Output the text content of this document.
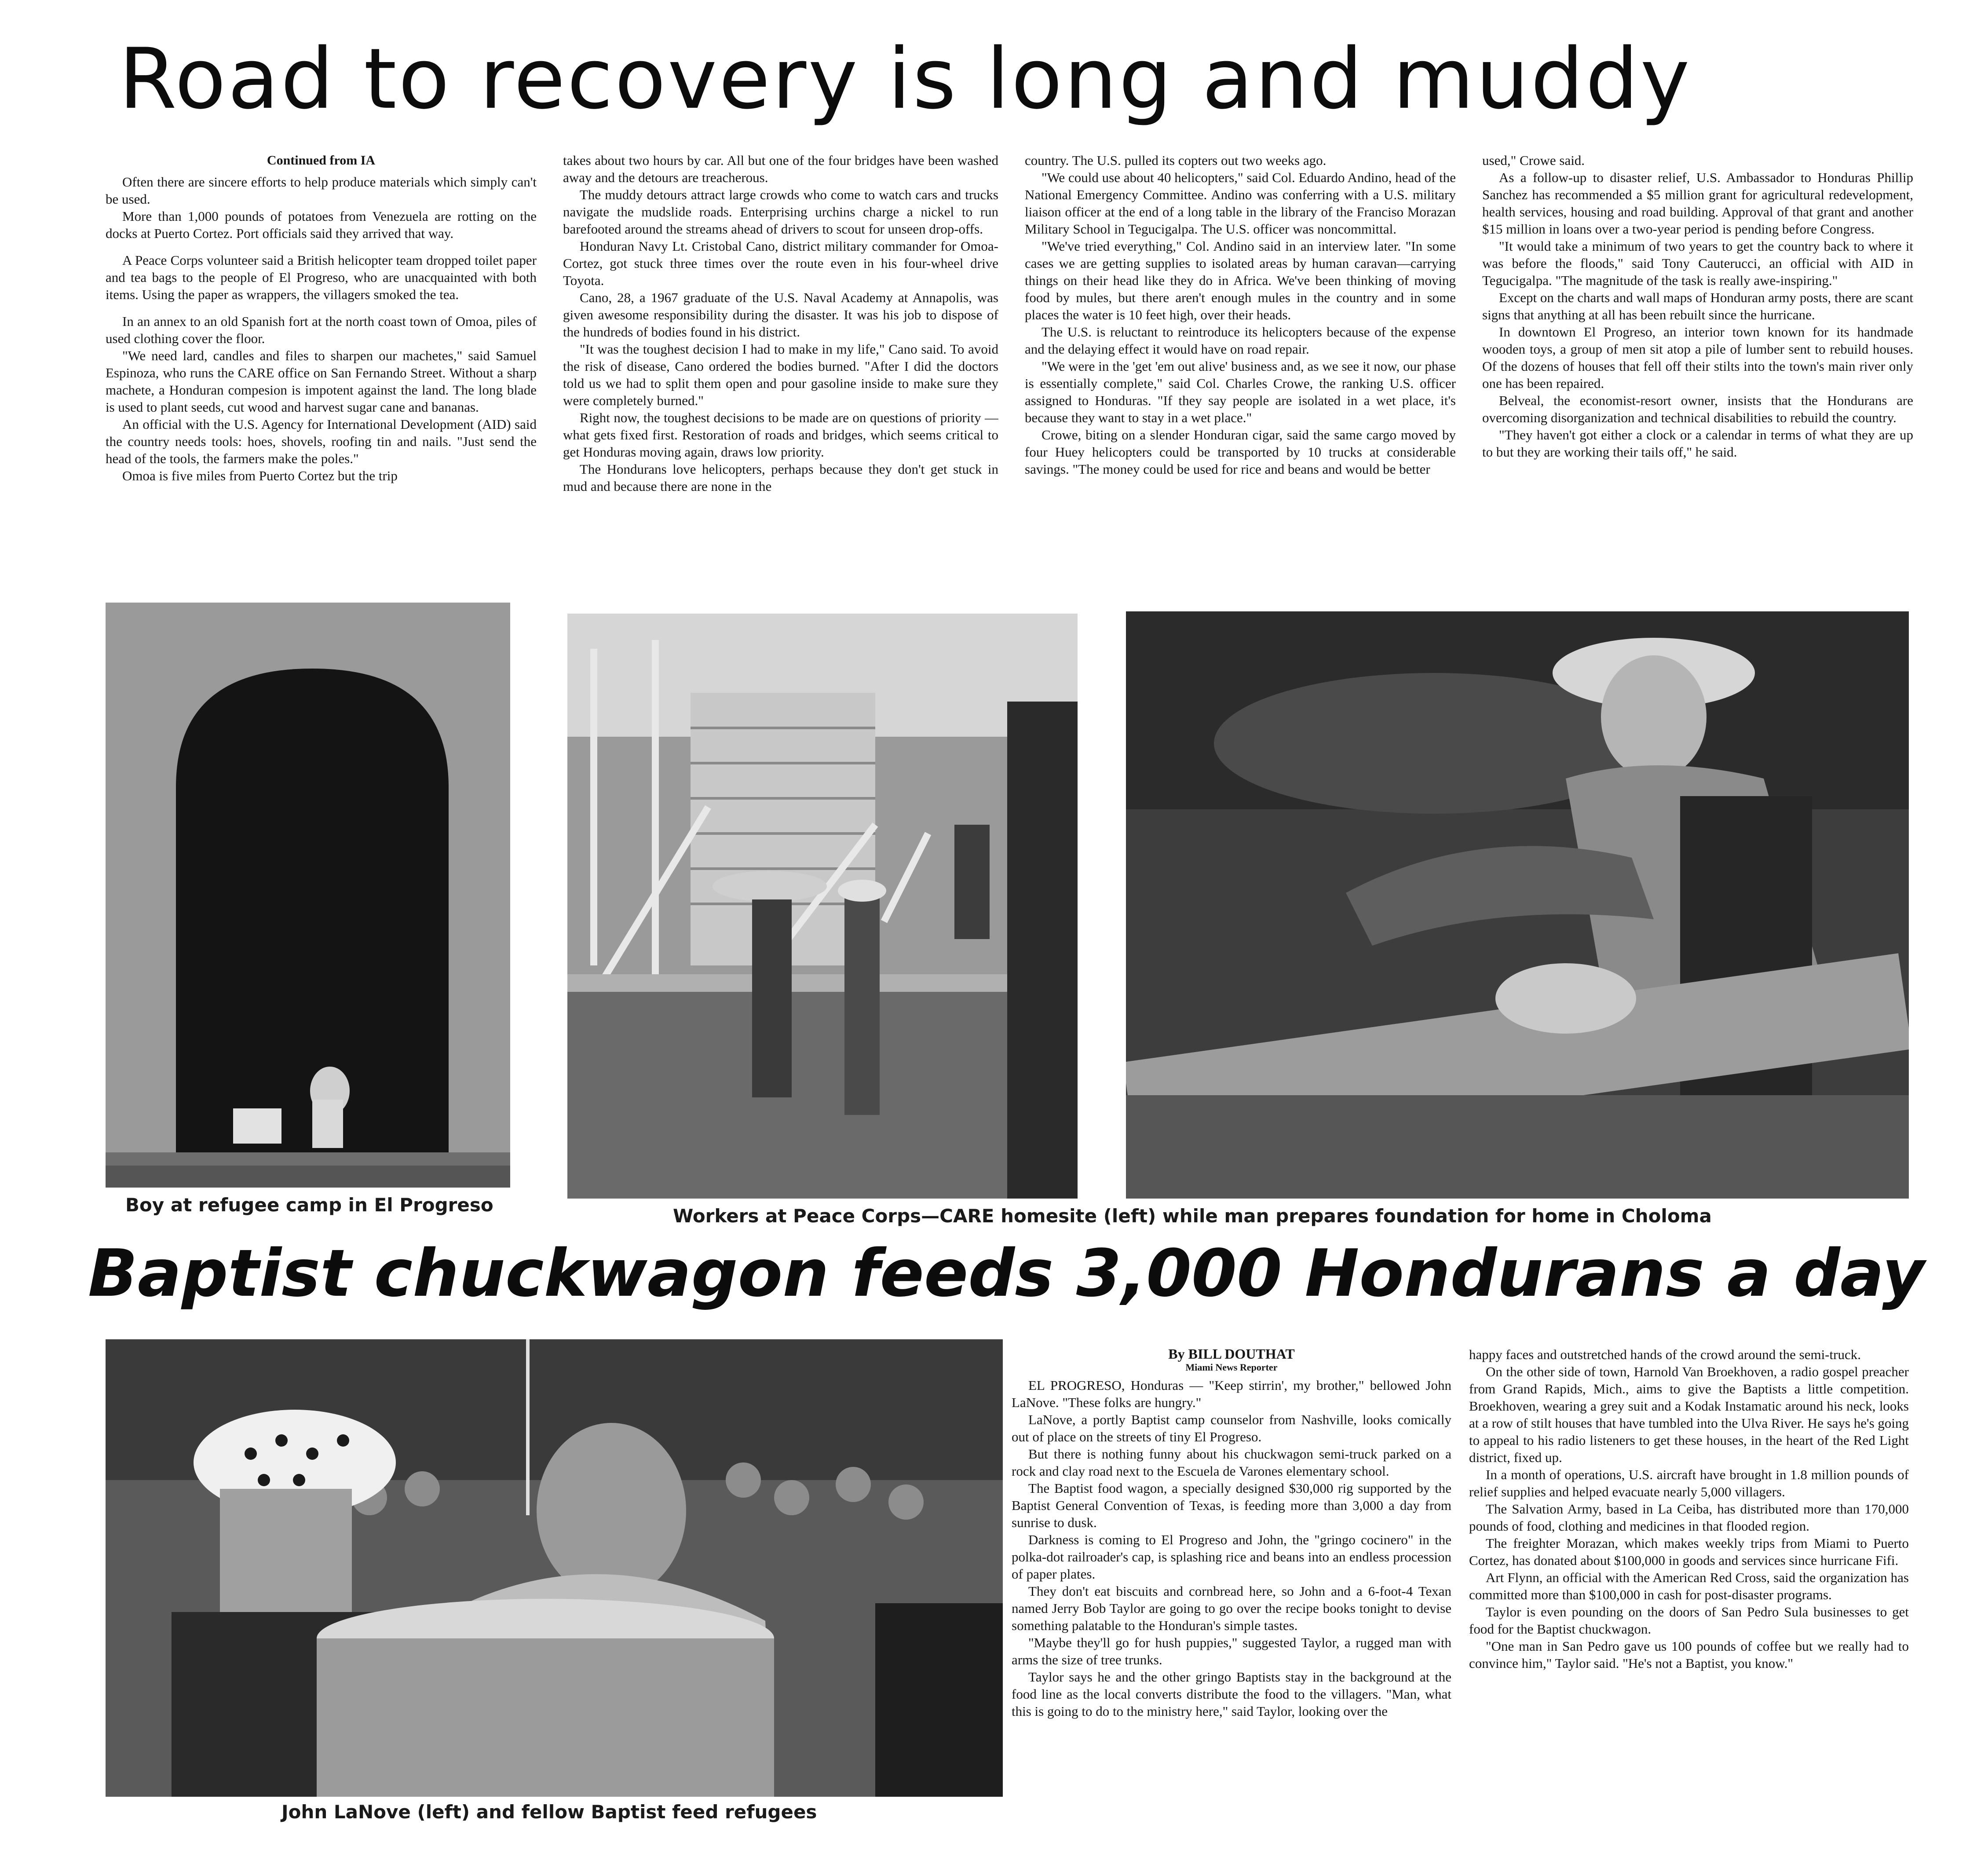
Road to recovery is long and muddy
Continued from IA

Often there are sincere efforts to help produce materials which simply can't be used.

More than 1,000 pounds of potatoes from Venezuela are rotting on the docks at Puerto Cortez. Port officials said they arrived that way.

A Peace Corps volunteer said a British helicopter team dropped toilet paper and tea bags to the people of El Progreso, who are unacquainted with both items. Using the paper as wrappers, the villagers smoked the tea.

In an annex to an old Spanish fort at the north coast town of Omoa, piles of used clothing cover the floor.

"We need lard, candles and files to sharpen our machetes," said Samuel Espinoza, who runs the CARE office on San Fernando Street. Without a sharp machete, a Honduran compesion is impotent against the land. The long blade is used to plant seeds, cut wood and harvest sugar cane and bananas.

An official with the U.S. Agency for International Development (AID) said the country needs tools: hoes, shovels, roofing tin and nails. "Just send the head of the tools, the farmers make the poles."

Omoa is five miles from Puerto Cortez but the trip

takes about two hours by car. All but one of the four bridges have been washed away and the detours are treacherous.

The muddy detours attract large crowds who come to watch cars and trucks navigate the mudslide roads. Enterprising urchins charge a nickel to run barefooted around the streams ahead of drivers to scout for unseen drop-offs.

Honduran Navy Lt. Cristobal Cano, district military commander for Omoa-Cortez, got stuck three times over the route even in his four-wheel drive Toyota.

Cano, 28, a 1967 graduate of the U.S. Naval Academy at Annapolis, was given awesome responsibility during the disaster. It was his job to dispose of the hundreds of bodies found in his district.

"It was the toughest decision I had to make in my life," Cano said. To avoid the risk of disease, Cano ordered the bodies burned. "After I did the doctors told us we had to split them open and pour gasoline inside to make sure they were completely burned."

Right now, the toughest decisions to be made are on questions of priority — what gets fixed first. Restoration of roads and bridges, which seems critical to get Honduras moving again, draws low priority.

The Hondurans love helicopters, perhaps because they don't get stuck in mud and because there are none in the

country. The U.S. pulled its copters out two weeks ago.

"We could use about 40 helicopters," said Col. Eduardo Andino, head of the National Emergency Committee. Andino was conferring with a U.S. military liaison officer at the end of a long table in the library of the Franciso Morazan Military School in Tegucigalpa. The U.S. officer was noncommittal.

"We've tried everything," Col. Andino said in an interview later. "In some cases we are getting supplies to isolated areas by human caravan—carrying things on their head like they do in Africa. We've been thinking of moving food by mules, but there aren't enough mules in the country and in some places the water is 10 feet high, over their heads.

The U.S. is reluctant to reintroduce its helicopters because of the expense and the delaying effect it would have on road repair.

"We were in the 'get 'em out alive' business and, as we see it now, our phase is essentially complete," said Col. Charles Crowe, the ranking U.S. officer assigned to Honduras. "If they say people are isolated in a wet place, it's because they want to stay in a wet place."

Crowe, biting on a slender Honduran cigar, said the same cargo moved by four Huey helicopters could be transported by 10 trucks at considerable savings. "The money could be used for rice and beans and would be better

used," Crowe said.

As a follow-up to disaster relief, U.S. Ambassador to Honduras Phillip Sanchez has recommended a $5 million grant for agricultural redevelopment, health services, housing and road building. Approval of that grant and another $15 million in loans over a two-year period is pending before Congress.

"It would take a minimum of two years to get the country back to where it was before the floods," said Tony Cauterucci, an official with AID in Tegucigalpa. "The magnitude of the task is really awe-inspiring."

Except on the charts and wall maps of Honduran army posts, there are scant signs that anything at all has been rebuilt since the hurricane.

In downtown El Progreso, an interior town known for its handmade wooden toys, a group of men sit atop a pile of lumber sent to rebuild houses. Of the dozens of houses that fell off their stilts into the town's main river only one has been repaired.

Belveal, the economist-resort owner, insists that the Hondurans are overcoming disorganization and technical disabilities to rebuild the country.

"They haven't got either a clock or a calendar in terms of what they are up to but they are working their tails off," he said.

Boy at refugee camp in El Progreso
Workers at Peace Corps—CARE homesite (left) while man prepares foundation for home in Choloma
Baptist chuckwagon feeds 3,000 Hondurans a day
John LaNove (left) and fellow Baptist feed refugees
By BILL DOUTHAT
Miami News Reporter

EL PROGRESO, Honduras — "Keep stirrin', my brother," bellowed John LaNove. "These folks are hungry."

LaNove, a portly Baptist camp counselor from Nashville, looks comically out of place on the streets of tiny El Progreso.

But there is nothing funny about his chuckwagon semi-truck parked on a rock and clay road next to the Escuela de Varones elementary school.

The Baptist food wagon, a specially designed $30,000 rig supported by the Baptist General Convention of Texas, is feeding more than 3,000 a day from sunrise to dusk.

Darkness is coming to El Progreso and John, the "gringo cocinero" in the polka-dot railroader's cap, is splashing rice and beans into an endless procession of paper plates.

They don't eat biscuits and cornbread here, so John and a 6-foot-4 Texan named Jerry Bob Taylor are going to go over the recipe books tonight to devise something palatable to the Honduran's simple tastes.

"Maybe they'll go for hush puppies," suggested Taylor, a rugged man with arms the size of tree trunks.

Taylor says he and the other gringo Baptists stay in the background at the food line as the local converts distribute the food to the villagers. "Man, what this is going to do to the ministry here," said Taylor, looking over the

happy faces and outstretched hands of the crowd around the semi-truck.

On the other side of town, Harnold Van Broekhoven, a radio gospel preacher from Grand Rapids, Mich., aims to give the Baptists a little competition. Broekhoven, wearing a grey suit and a Kodak Instamatic around his neck, looks at a row of stilt houses that have tumbled into the Ulva River. He says he's going to appeal to his radio listeners to get these houses, in the heart of the Red Light district, fixed up.

In a month of operations, U.S. aircraft have brought in 1.8 million pounds of relief supplies and helped evacuate nearly 5,000 villagers.

The Salvation Army, based in La Ceiba, has distributed more than 170,000 pounds of food, clothing and medicines in that flooded region.

The freighter Morazan, which makes weekly trips from Miami to Puerto Cortez, has donated about $100,000 in goods and services since hurricane Fifi.

Art Flynn, an official with the American Red Cross, said the organization has committed more than $100,000 in cash for post-disaster programs.

Taylor is even pounding on the doors of San Pedro Sula businesses to get food for the Baptist chuckwagon.

"One man in San Pedro gave us 100 pounds of coffee but we really had to convince him," Taylor said. "He's not a Baptist, you know."
